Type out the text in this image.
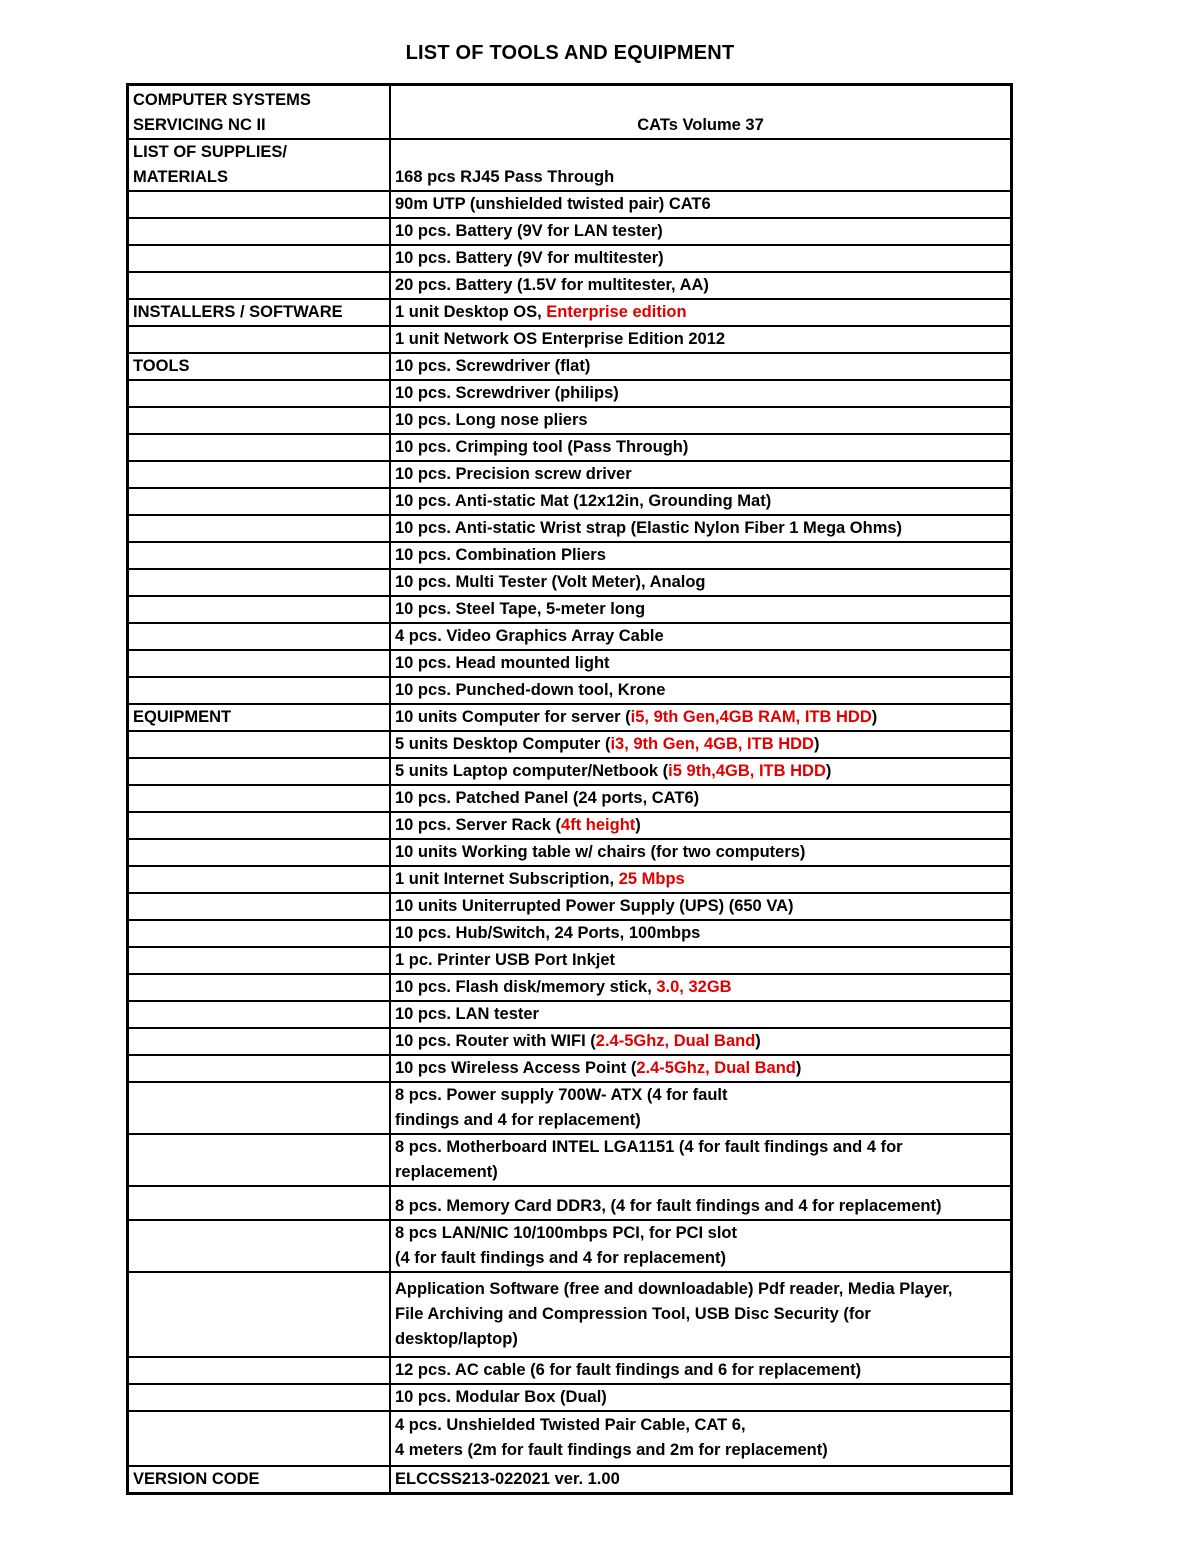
LIST OF TOOLS AND EQUIPMENT
COMPUTER SYSTEMS
SERVICING NC II	CATs Volume 37
LIST OF SUPPLIES/ MATERIALS	168 pcs RJ45 Pass Through
	90m UTP (unshielded twisted pair) CAT6
	10 pcs. Battery (9V for LAN tester)
	10 pcs. Battery (9V for multitester)
	20 pcs. Battery (1.5V for multitester, AA)
INSTALLERS / SOFTWARE	1 unit Desktop OS, Enterprise edition
	1 unit Network OS Enterprise Edition 2012
TOOLS	10 pcs. Screwdriver (flat)
	10 pcs. Screwdriver (philips)
	10 pcs. Long nose pliers
	10 pcs. Crimping tool (Pass Through)
	10 pcs. Precision screw driver
	10 pcs. Anti-static Mat (12x12in, Grounding Mat)
	10 pcs. Anti-static Wrist strap (Elastic Nylon Fiber 1 Mega Ohms)
	10 pcs. Combination Pliers
	10 pcs. Multi Tester (Volt Meter), Analog
	10 pcs. Steel Tape, 5-meter long
	4 pcs. Video Graphics Array Cable
	10 pcs. Head mounted light
	10 pcs. Punched-down tool, Krone
EQUIPMENT	10 units Computer for server (i5, 9th Gen,4GB RAM, ITB HDD)
	5 units Desktop Computer (i3, 9th Gen, 4GB, ITB HDD)
	5 units Laptop computer/Netbook (i5 9th,4GB, ITB HDD)
	10 pcs. Patched Panel (24 ports, CAT6)
	10 pcs. Server Rack (4ft height)
	10 units Working table w/ chairs (for two computers)
	1 unit Internet Subscription, 25 Mbps
	10 units Uniterrupted Power Supply (UPS) (650 VA)
	10 pcs. Hub/Switch, 24 Ports, 100mbps
	1 pc. Printer USB Port Inkjet
	10 pcs. Flash disk/memory stick, 3.0, 32GB
	10 pcs. LAN tester
	10 pcs. Router with WIFI (2.4-5Ghz, Dual Band)
	10 pcs Wireless Access Point (2.4-5Ghz, Dual Band)

	8 pcs. Power supply 700W- ATX (4 for fault
findings and 4 for replacement)

	8 pcs. Motherboard INTEL LGA1151 (4 for fault findings and 4 for
replacement)

	8 pcs. Memory Card DDR3, (4 for fault findings and 4 for replacement)

	8 pcs LAN/NIC 10/100mbps PCI, for PCI slot
(4 for fault findings and 4 for replacement)

	Application Software (free and downloadable) Pdf reader, Media Player,
File Archiving and Compression Tool, USB Disc Security (for
desktop/laptop)

	12 pcs. AC cable (6 for fault findings and 6 for replacement)
	10 pcs. Modular Box (Dual)

	4 pcs. Unshielded Twisted Pair Cable, CAT 6,
4 meters (2m for fault findings and 2m for replacement)

VERSION CODE	ELCCSS213-022021 ver. 1.00
